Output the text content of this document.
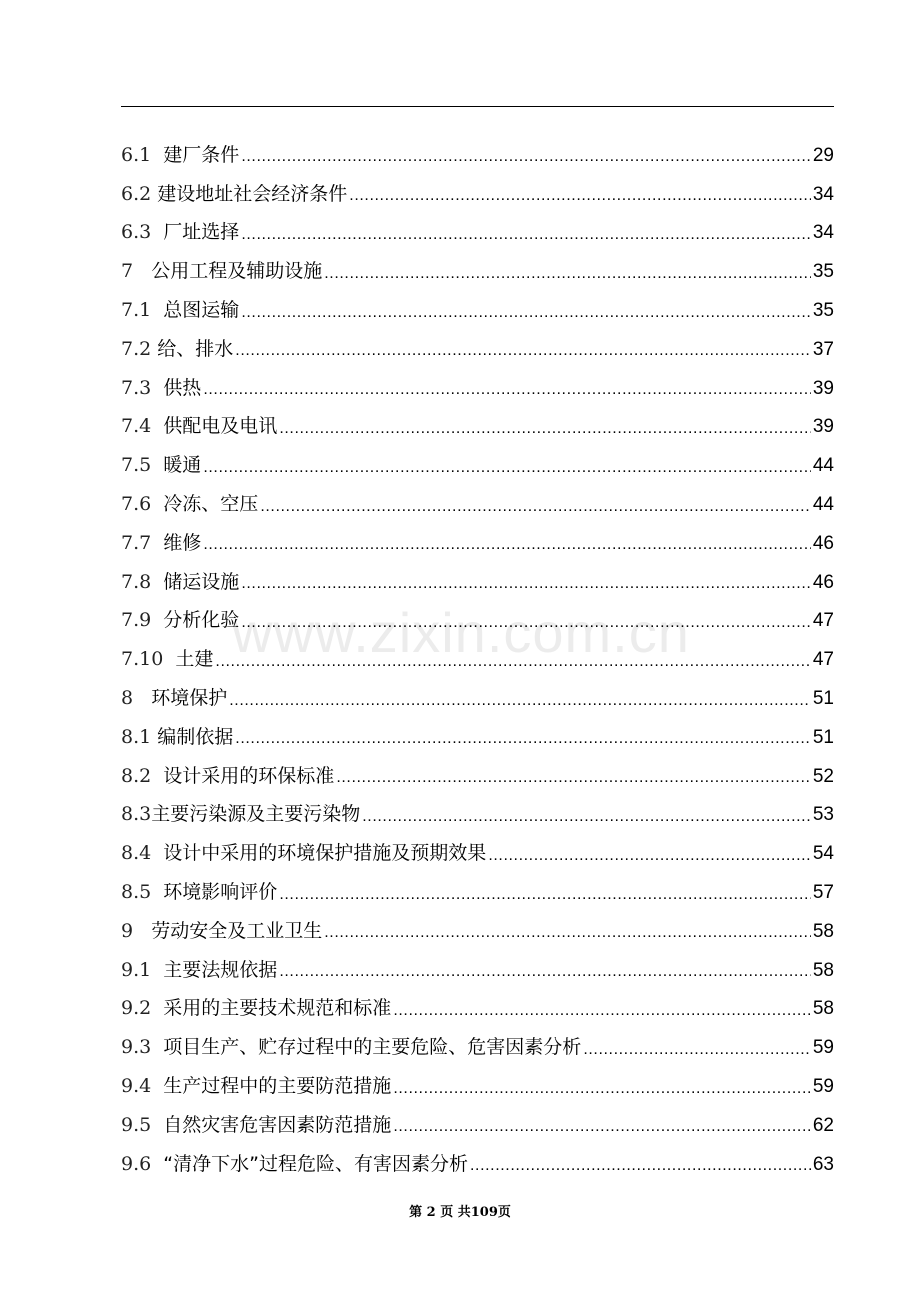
www.zixin.com.cn
6.1 建厂条件 .....	29
6.2 建设地址社会经济条件 .....	34
6.3 厂址选择 .....	34
7 公用工程及辅助设施 .....	35
7.1 总图运输 .....	35
7.2 给、排水 .....	37
7.3 供热 .....	39
7.4 供配电及电讯 .....	39
7.5 暖通 .....	44
7.6 冷冻、空压 .....	44
7.7 维修 .....	46
7.8 储运设施 .....	46
7.9 分析化验 .....	47
7.10 土建 .....	47
8 环境保护 .....	51
8.1 编制依据 .....	51
8.2 设计采用的环保标准 .....	52
8.3 主要污染源及主要污染物 .....	53
8.4 设计中采用的环境保护措施及预期效果 .....	54
8.5 环境影响评价 .....	57
9 劳动安全及工业卫生 .....	58
9.1 主要法规依据 .....	58
9.2 采用的主要技术规范和标准 .....	58
9.3 项目生产、贮存过程中的主要危险、危害因素分析 .....	59
9.4 生产过程中的主要防范措施 .....	59
9.5 自然灾害危害因素防范措施 .....	62
9.6 “清净下水”过程危险、有害因素分析 .....	63
第 2 页 共109页
